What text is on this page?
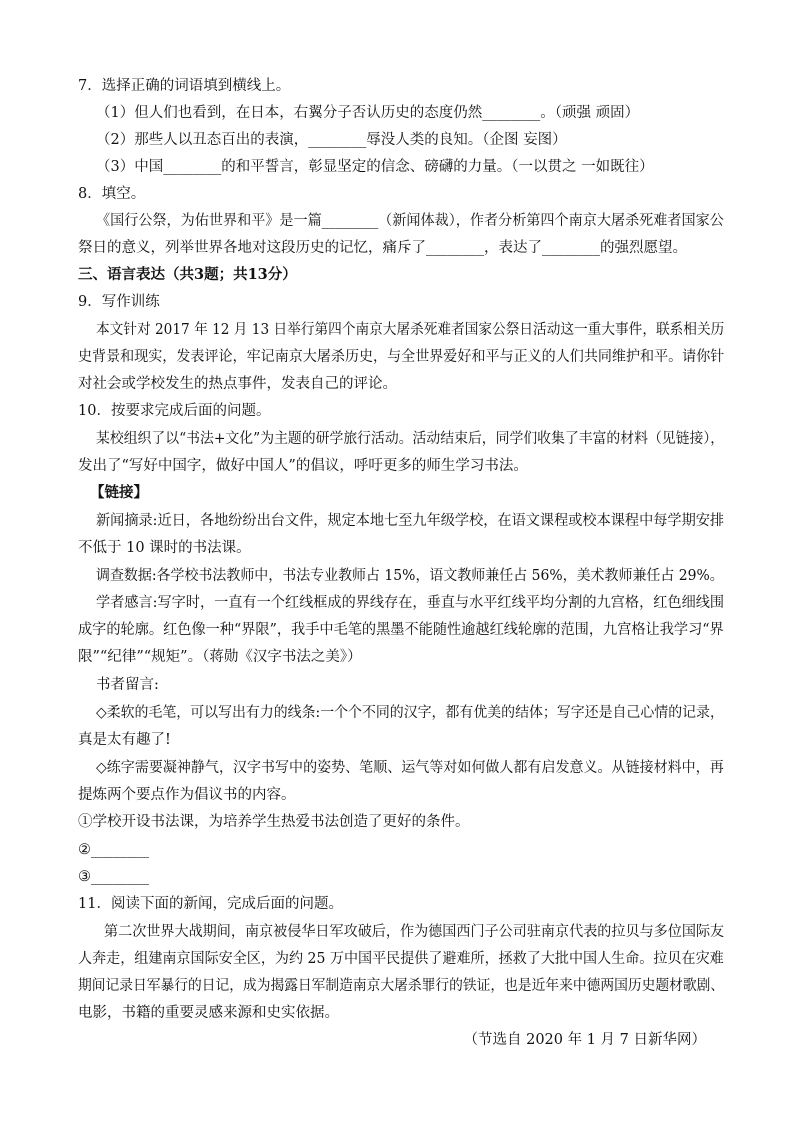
7．选择正确的词语填到横线上。
（1）但人们也看到，在日本，右翼分子否认历史的态度仍然________。（顽强 顽固）
（2）那些人以丑态百出的表演，________辱没人类的良知。（企图 妄图）
（3）中国________的和平誓言，彰显坚定的信念、磅礴的力量。（一以贯之 一如既往）
8．填空。
《国行公祭，为佑世界和平》是一篇________（新闻体裁），作者分析第四个南京大屠杀死难者国家公
祭日的意义，列举世界各地对这段历史的记忆，痛斥了________，表达了________的强烈愿望。
三、语言表达（共3题；共13分）
9．写作训练
本文针对 2017 年 12 月 13 日举行第四个南京大屠杀死难者国家公祭日活动这一重大事件，联系相关历
史背景和现实，发表评论，牢记南京大屠杀历史，与全世界爱好和平与正义的人们共同维护和平。请你针
对社会或学校发生的热点事件，发表自己的评论。
10．按要求完成后面的问题。
某校组织了以“书法+文化”为主题的研学旅行活动。活动结束后，同学们收集了丰富的材料（见链接），
发出了“写好中国字，做好中国人”的倡议，呼吁更多的师生学习书法。
【链接】
新闻摘录:近日，各地纷纷出台文件，规定本地七至九年级学校，在语文课程或校本课程中每学期安排
不低于 10 课时的书法课。
调查数据:各学校书法教师中，书法专业教师占 15%，语文教师兼任占 56%，美术教师兼任占 29%。
学者感言:写字时，一直有一个红线框成的界线存在，垂直与水平红线平均分割的九宫格，红色细线围
成字的轮廓。红色像一种“界限”，我手中毛笔的黑墨不能随性逾越红线轮廓的范围，九宫格让我学习“界
限”“纪律”“规矩”。（蒋勋《汉字书法之美》）
书者留言:
◇柔软的毛笔，可以写出有力的线条:一个个不同的汉字，都有优美的结体；写字还是自己心情的记录，
真是太有趣了!
◇练字需要凝神静气，汉字书写中的姿势、笔顺、运气等对如何做人都有启发意义。从链接材料中，再
提炼两个要点作为倡议书的内容。
①学校开设书法课，为培养学生热爱书法创造了更好的条件。
②________
③________
11．阅读下面的新闻，完成后面的问题。
第二次世界大战期间，南京被侵华日军攻破后，作为德国西门子公司驻南京代表的拉贝与多位国际友
人奔走，组建南京国际安全区，为约 25 万中国平民提供了避难所，拯救了大批中国人生命。拉贝在灾难
期间记录日军暴行的日记，成为揭露日军制造南京大屠杀罪行的铁证，也是近年来中德两国历史题材歌剧、
电影，书籍的重要灵感来源和史实依据。
（节选自 2020 年 1 月 7 日新华网）
